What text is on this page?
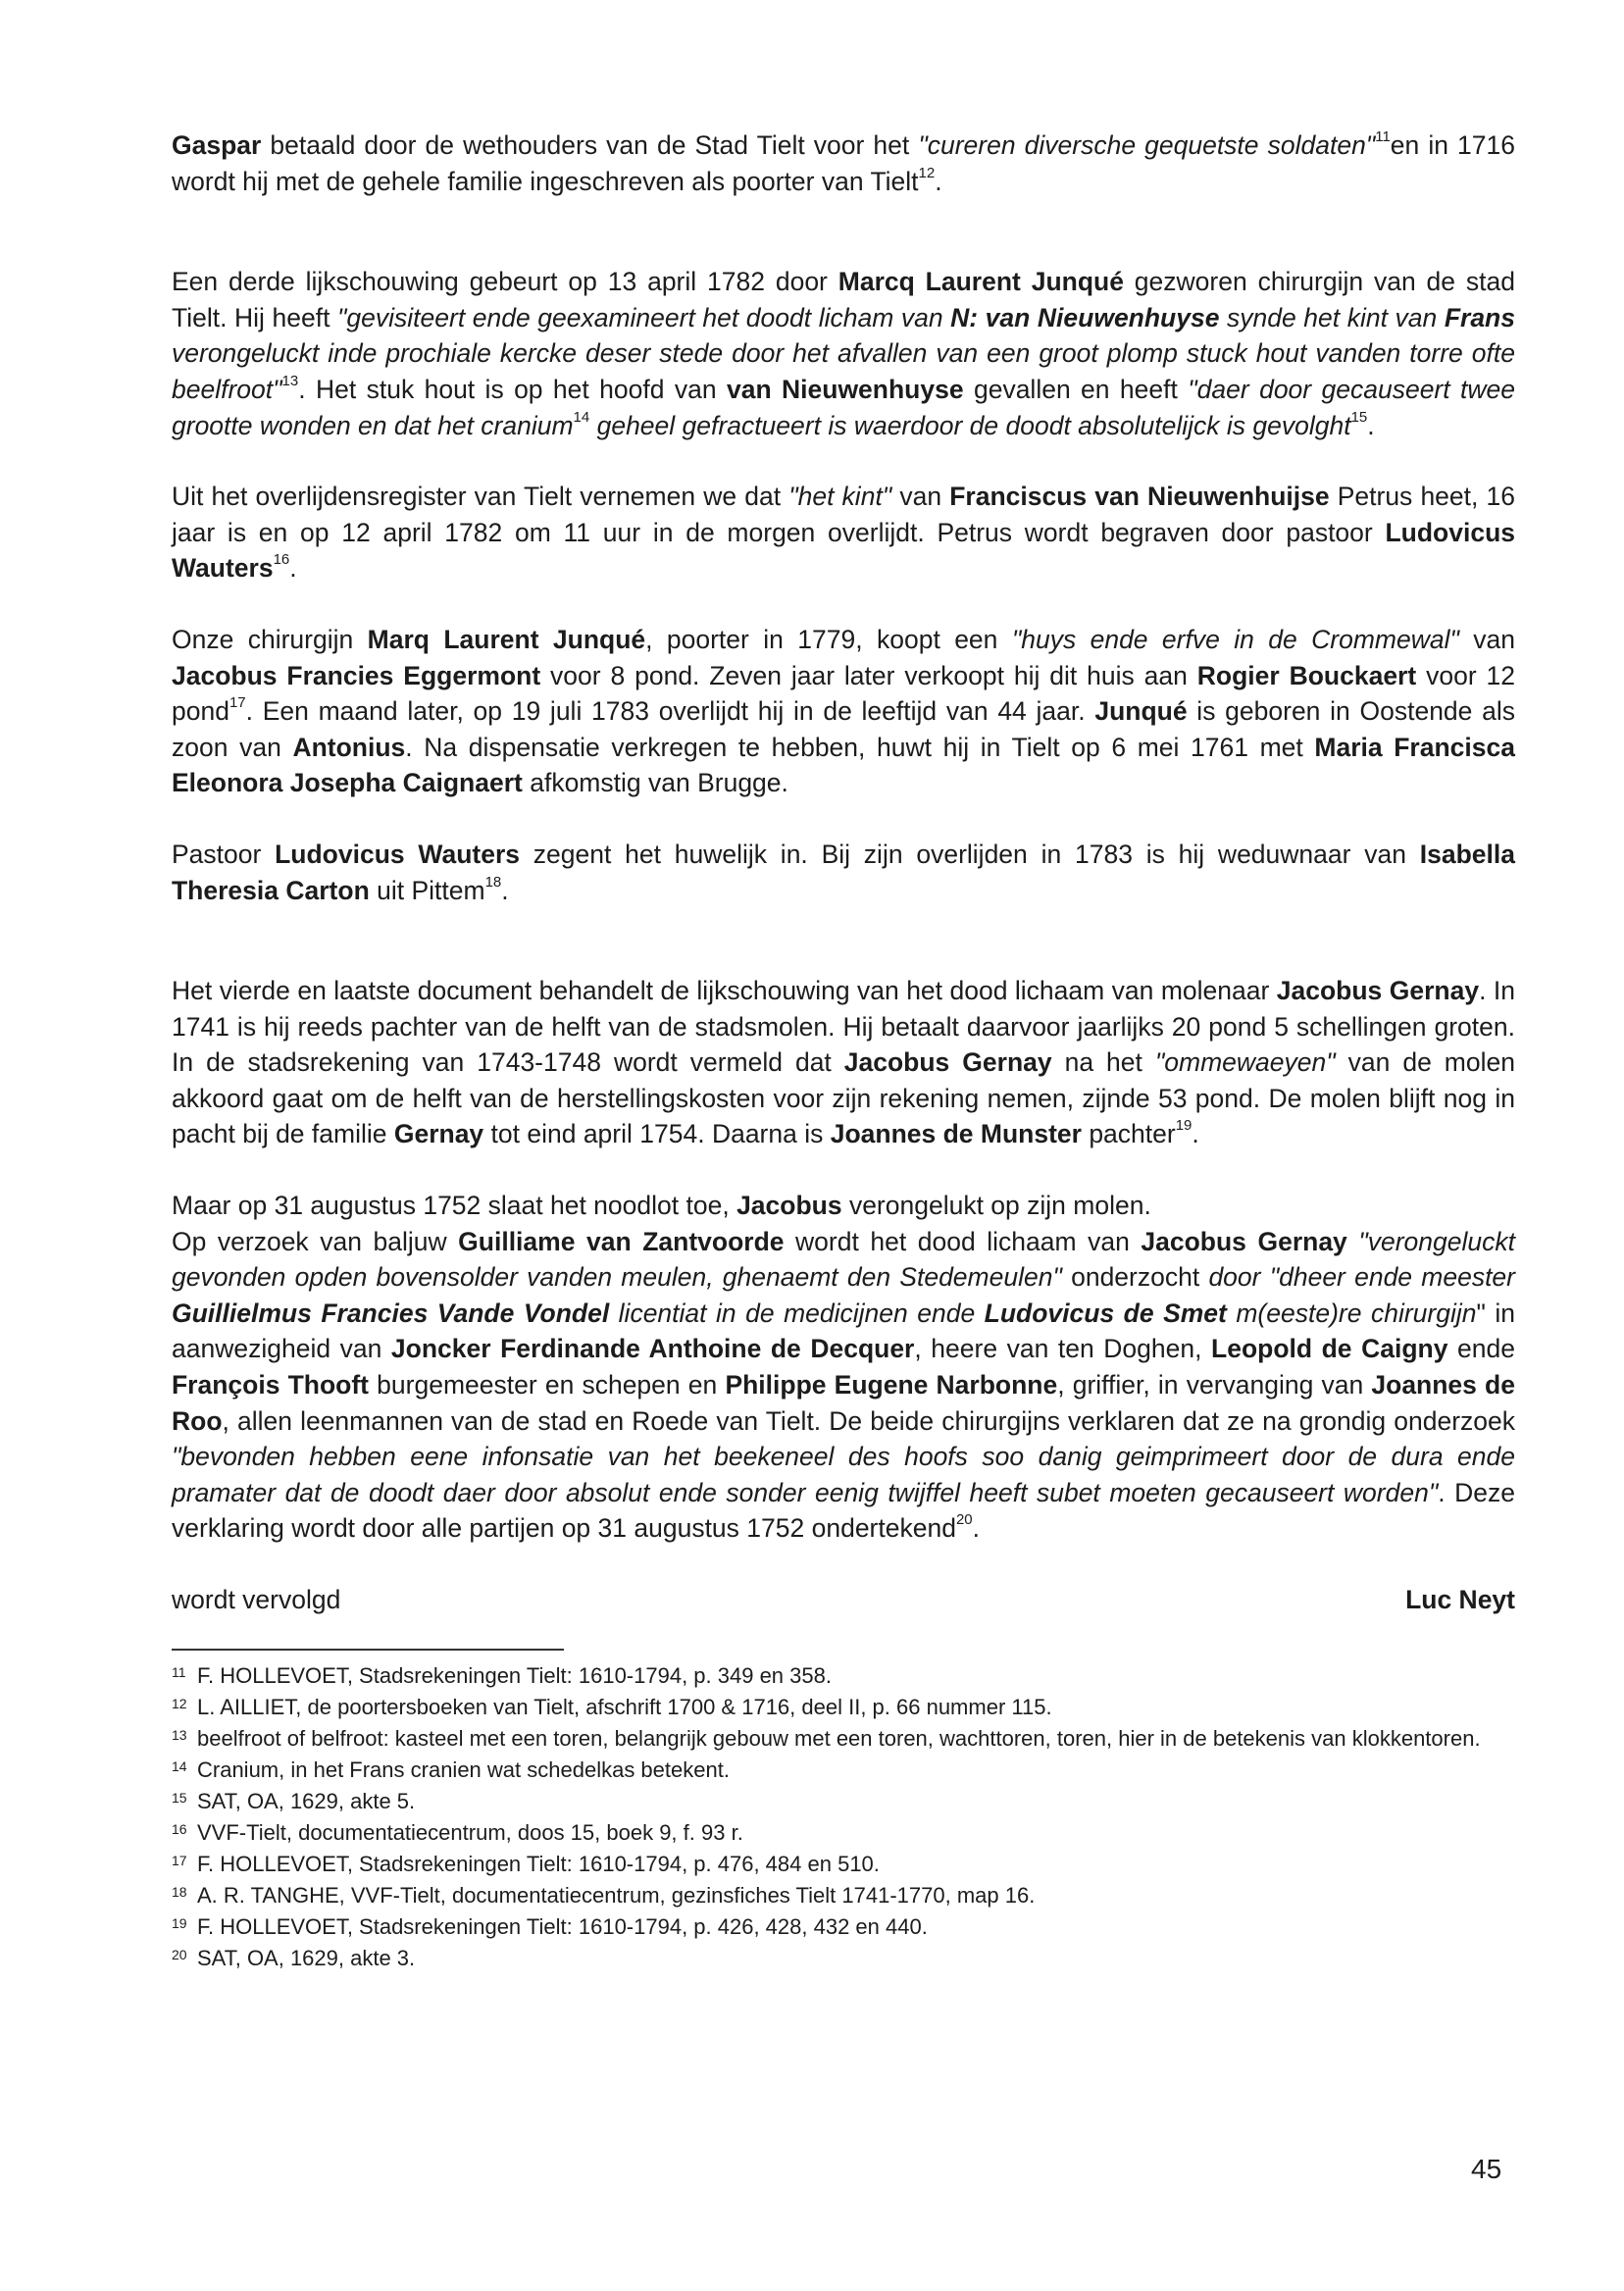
Gaspar betaald door de wethouders van de Stad Tielt voor het "cureren diversche gequetste soldaten"$^{11}$en in 1716 wordt hij met de gehele familie ingeschreven als poorter van Tielt$^{12}$.

Een derde lijkschouwing gebeurt op 13 april 1782 door Marcq Laurent Junqué gezworen chirurgijn van de stad Tielt. Hij heeft "gevisiteert ende geexamineert het doodt licham van N: van Nieuwenhuyse synde het kint van Frans verongeluckt inde prochiale kercke deser stede door het afvallen van een groot plomp stuck hout vanden torre ofte beelfroot"$^{13}$. Het stuk hout is op het hoofd van van Nieuwenhuyse gevallen en heeft "daer door gecauseert twee grootte wonden en dat het cranium$^{14}$ geheel gefractueert is waerdoor de doodt absolutelijck is gevolght$^{15}$.

Uit het overlijdensregister van Tielt vernemen we dat "het kint" van Franciscus van Nieuwenhuijse Petrus heet, 16 jaar is en op 12 april 1782 om 11 uur in de morgen overlijdt. Petrus wordt begraven door pastoor Ludovicus Wauters$^{16}$.

Onze chirurgijn Marq Laurent Junqué, poorter in 1779, koopt een "huys ende erfve in de Crommewal" van Jacobus Francies Eggermont voor 8 pond. Zeven jaar later verkoopt hij dit huis aan Rogier Bouckaert voor 12 pond$^{17}$. Een maand later, op 19 juli 1783 overlijdt hij in de leeftijd van 44 jaar. Junqué is geboren in Oostende als zoon van Antonius. Na dispensatie verkregen te hebben, huwt hij in Tielt op 6 mei 1761 met Maria Francisca Eleonora Josepha Caignaert afkomstig van Brugge.

Pastoor Ludovicus Wauters zegent het huwelijk in. Bij zijn overlijden in 1783 is hij weduwnaar van Isabella Theresia Carton uit Pittem$^{18}$.

Het vierde en laatste document behandelt de lijkschouwing van het dood lichaam van molenaar Jacobus Gernay. In 1741 is hij reeds pachter van de helft van de stadsmolen. Hij betaalt daarvoor jaarlijks 20 pond 5 schellingen groten. In de stadsrekening van 1743-1748 wordt vermeld dat Jacobus Gernay na het "ommewaeyen" van de molen akkoord gaat om de helft van de herstellingskosten voor zijn rekening nemen, zijnde 53 pond. De molen blijft nog in pacht bij de familie Gernay tot eind april 1754. Daarna is Joannes de Munster pachter$^{19}$.

Maar op 31 augustus 1752 slaat het noodlot toe, Jacobus verongelukt op zijn molen.

Op verzoek van baljuw Guilliame van Zantvoorde wordt het dood lichaam van Jacobus Gernay "verongeluckt gevonden opden bovensolder vanden meulen, ghenaemt den Stedemeulen" onderzocht door "dheer ende meester Guillielmus Francies Vande Vondel licentiat in de medicijnen ende Ludovicus de Smet m(eeste)re chirurgijn" in aanwezigheid van Joncker Ferdinande Anthoine de Decquer, heere van ten Doghen, Leopold de Caigny ende François Thooft burgemeester en schepen en Philippe Eugene Narbonne, griffier, in vervanging van Joannes de Roo, allen leenmannen van de stad en Roede van Tielt. De beide chirurgijns verklaren dat ze na grondig onderzoek "bevonden hebben eene infonsatie van het beekeneel des hoofs soo danig geimprimeert door de dura ende pramater dat de doodt daer door absolut ende sonder eenig twijffel heeft subet moeten gecauseert worden". Deze verklaring wordt door alle partijen op 31 augustus 1752 ondertekend$^{20}$.

wordt vervolgd	Luc Neyt
11 F. HOLLEVOET, Stadsrekeningen Tielt: 1610-1794, p. 349 en 358.
12 L. AILLIET, de poortersboeken van Tielt, afschrift 1700 & 1716, deel II, p. 66 nummer 115.
13 beelfroot of belfroot: kasteel met een toren, belangrijk gebouw met een toren, wachttoren, toren, hier in de betekenis van klokkentoren.
14 Cranium, in het Frans cranien wat schedelkas betekent.
15 SAT, OA, 1629, akte 5.
16 VVF-Tielt, documentatiecentrum, doos 15, boek 9, f. 93 r.
17 F. HOLLEVOET, Stadsrekeningen Tielt: 1610-1794, p. 476, 484 en 510.
18 A. R. TANGHE, VVF-Tielt, documentatiecentrum, gezinsfiches Tielt 1741-1770, map 16.
19 F. HOLLEVOET, Stadsrekeningen Tielt: 1610-1794, p. 426, 428, 432 en 440.
20 SAT, OA, 1629, akte 3.
45
